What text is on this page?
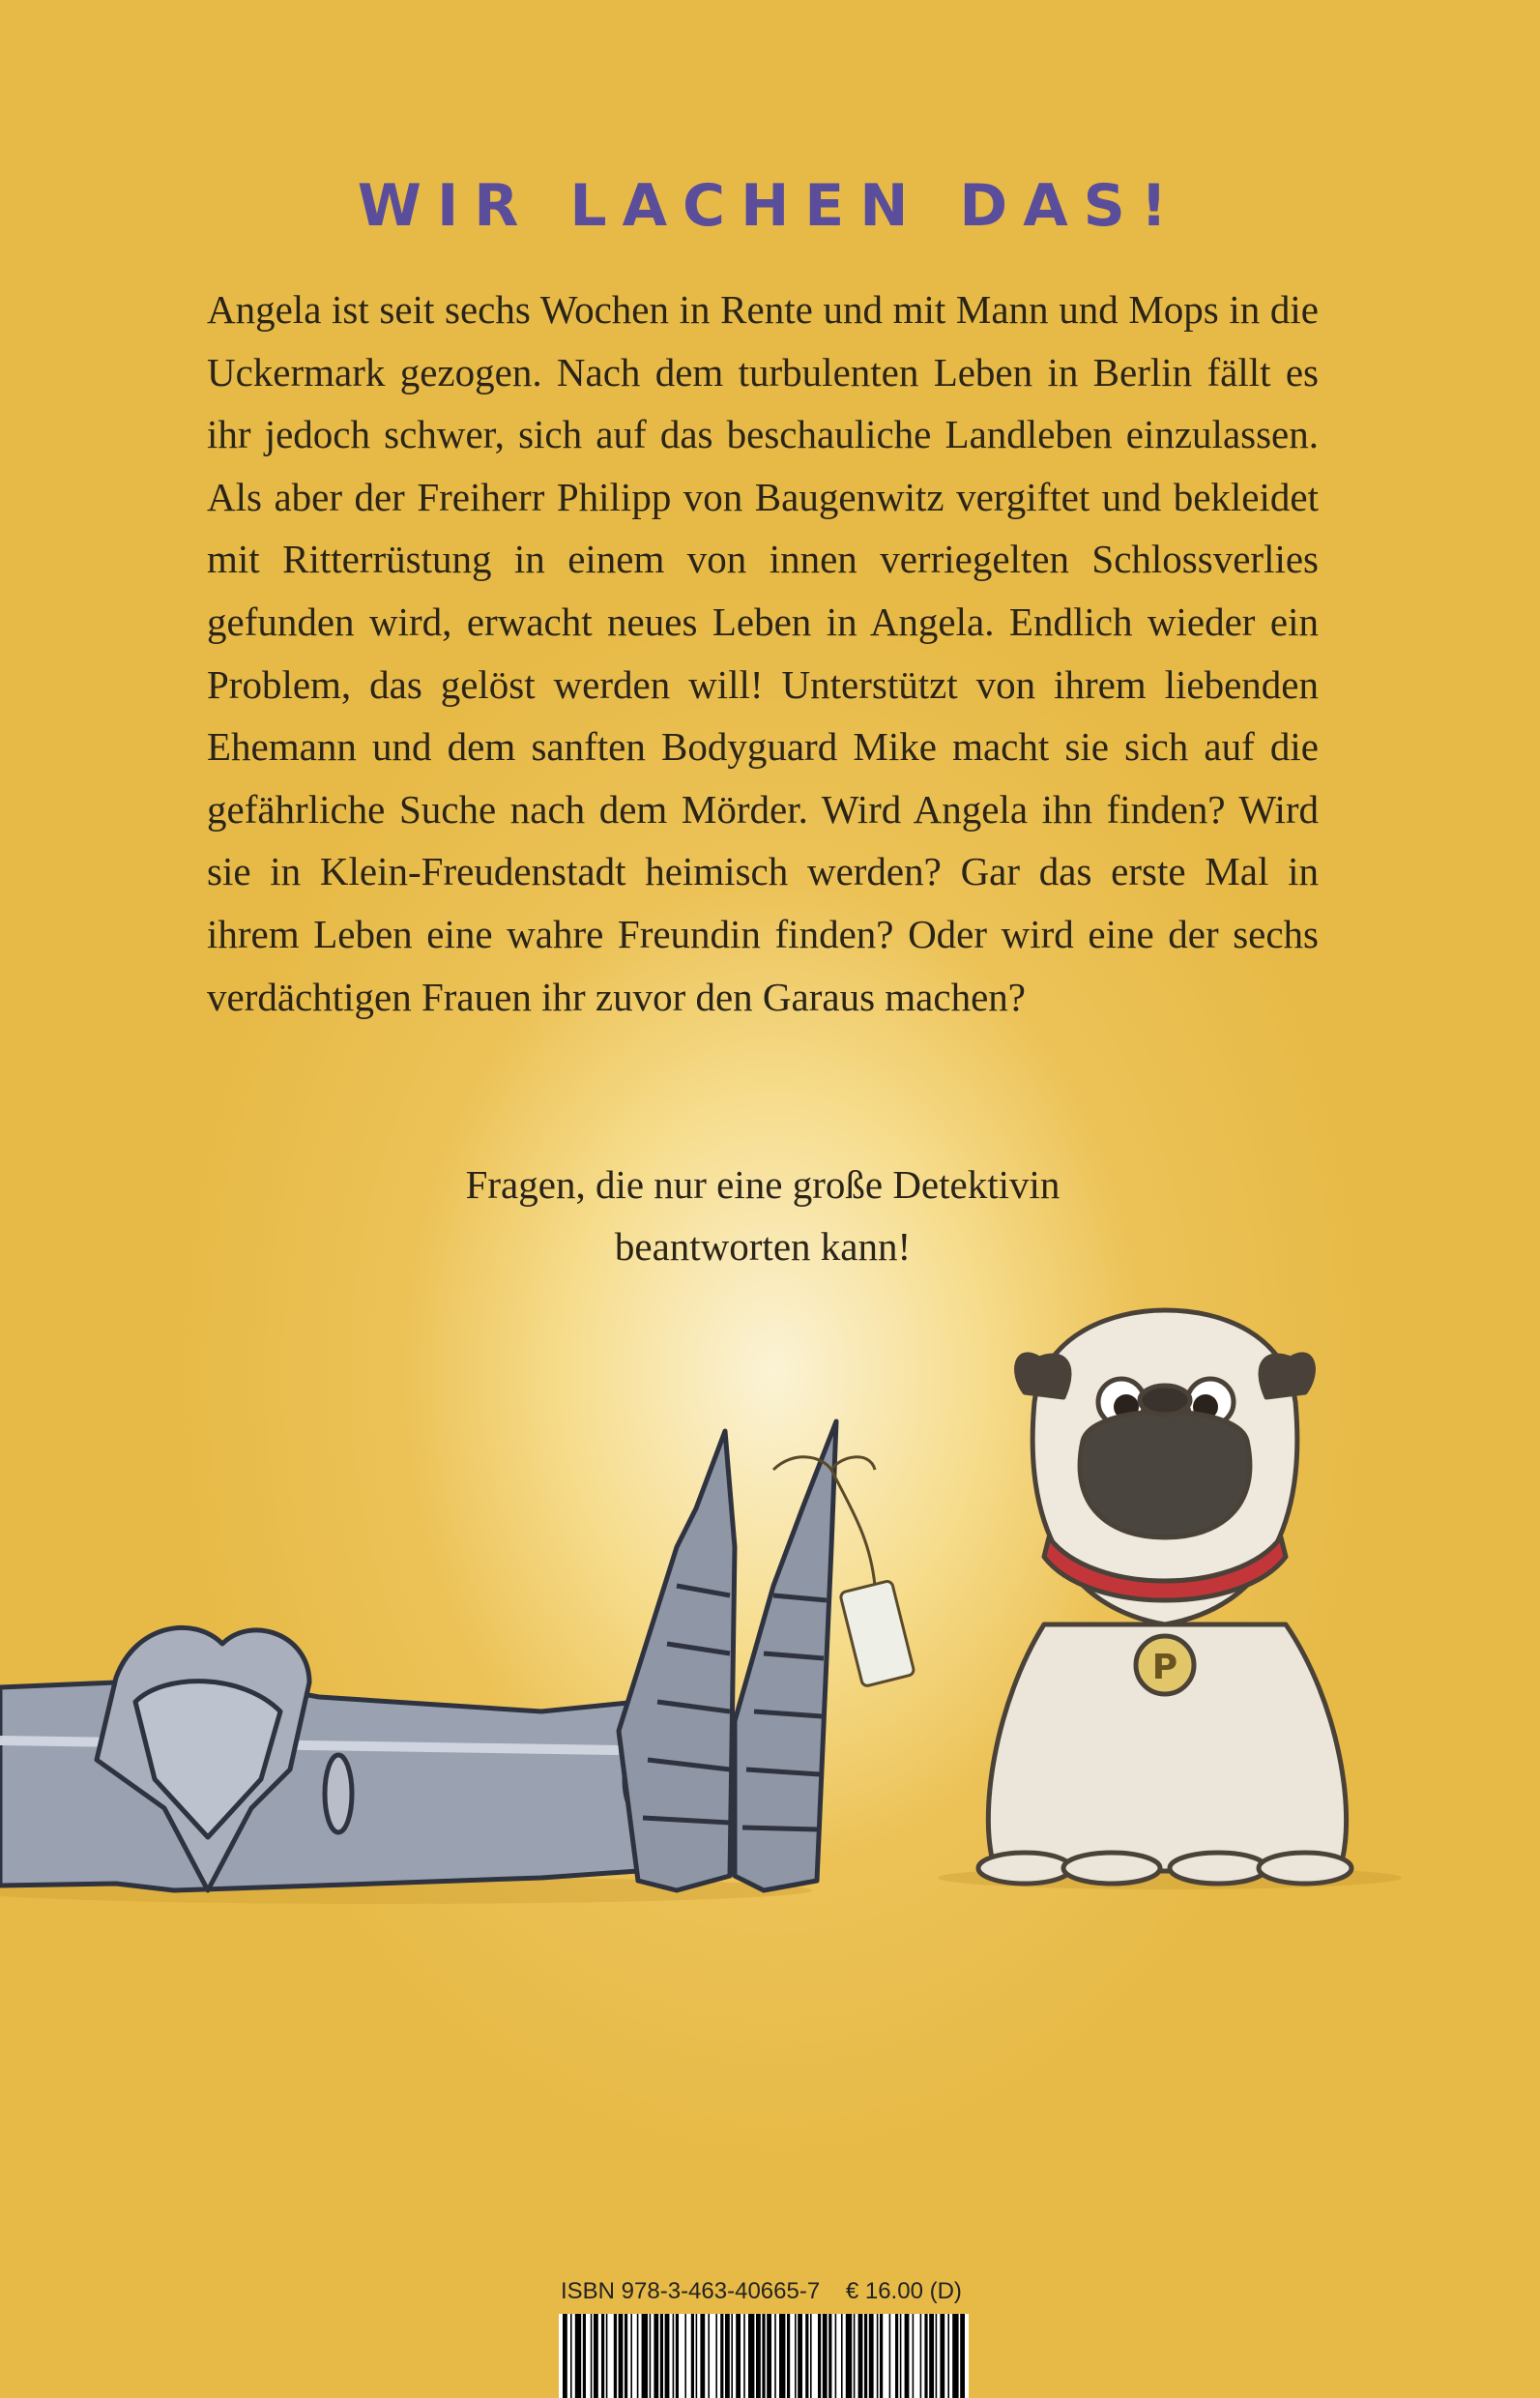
WIR LACHEN DAS!

Angela ist seit sechs Wochen in Rente und mit Mann und Mops in die Uckermark gezogen. Nach dem turbulenten Leben in Berlin fällt es ihr jedoch schwer, sich auf das beschauliche Landleben einzulassen. Als aber der Freiherr Philipp von Baugenwitz vergiftet und bekleidet mit Ritterrüstung in einem von innen verriegelten Schlossverlies gefunden wird, erwacht neues Leben in Angela. Endlich wieder ein Problem, das gelöst werden will! Unterstützt von ihrem liebenden Ehemann und dem sanften Bodyguard Mike macht sie sich auf die gefährliche Suche nach dem Mörder. Wird Angela ihn finden? Wird sie in Klein-Freudenstadt heimisch werden? Gar das erste Mal in ihrem Leben eine wahre Freundin finden? Oder wird eine der sechs verdächtigen Frauen ihr zuvor den Garaus machen?

Fragen, die nur eine große Detektivin
beantworten kann!
P
ISBN 978-3-463-40665-7 € 16.00 (D)
